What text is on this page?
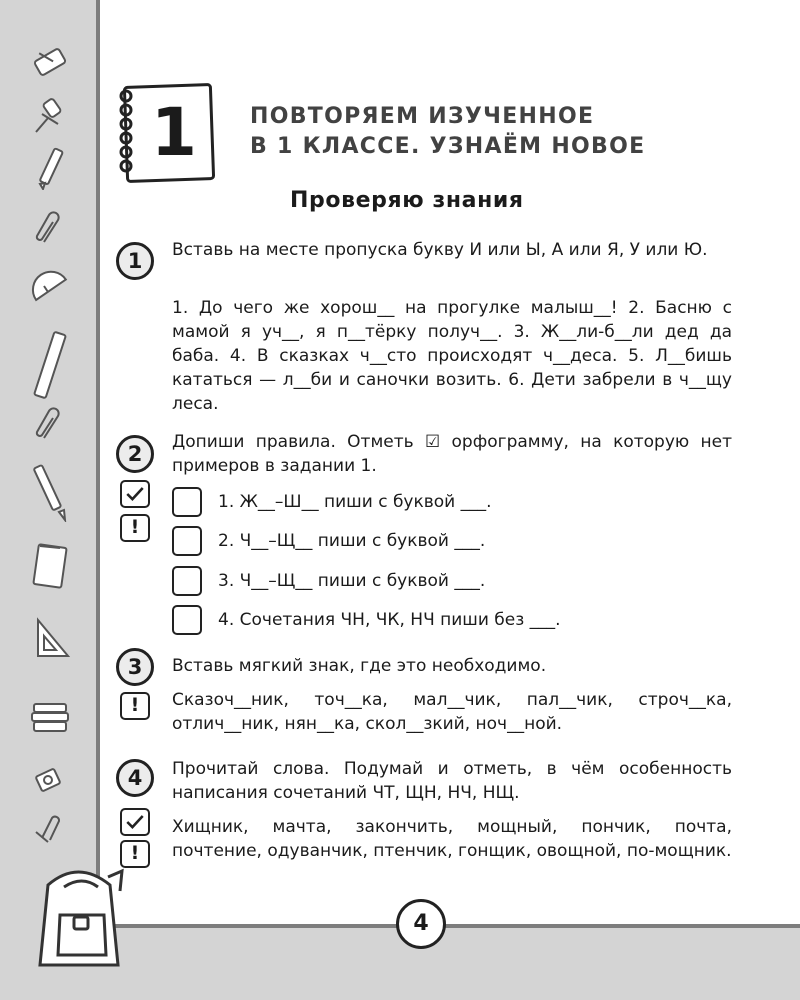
1	ПОВТОРЯЕМ ИЗУЧЕННОЕ
В 1 КЛАССЕ. УЗНАЁМ НОВОЕ
Проверяю знания
1	Вставь на месте пропуска букву И или Ы, А или Я, У или Ю.
1. До чего же хорош__ на прогулке малыш__! 2. Басню с мамой я уч__, я п__тёрку получ__. 3. Ж__ли-б__ли дед да баба. 4. В сказках ч__сто происходят ч__деса. 5. Л__бишь кататься — л__би и саночки возить. 6. Дети забрели в ч__щу леса.
2	Допиши правила. Отметь ☑ орфограмму, на которую нет примеров в задании 1.
!
1. Ж__–Ш__ пиши с буквой ___.
2. Ч__–Щ__ пиши с буквой ___.
3. Ч__–Щ__ пиши с буквой ___.
4. Сочетания ЧН, ЧК, НЧ пиши без ___.
3	Вставь мягкий знак, где это необходимо.
!	Сказоч__ник, точ__ка, мал__чик, пал__чик, строч__ка, отлич__ник, нян__ка, скол__зкий, ноч__ной.
4	Прочитай слова. Подумай и отметь, в чём особенность написания сочетаний ЧТ, ЩН, НЧ, НЩ.
!
Хищник, мачта, закончить, мощный, пончик, почта, почтение, одуванчик, птенчик, гонщик, овощной, по-мощник.
4
